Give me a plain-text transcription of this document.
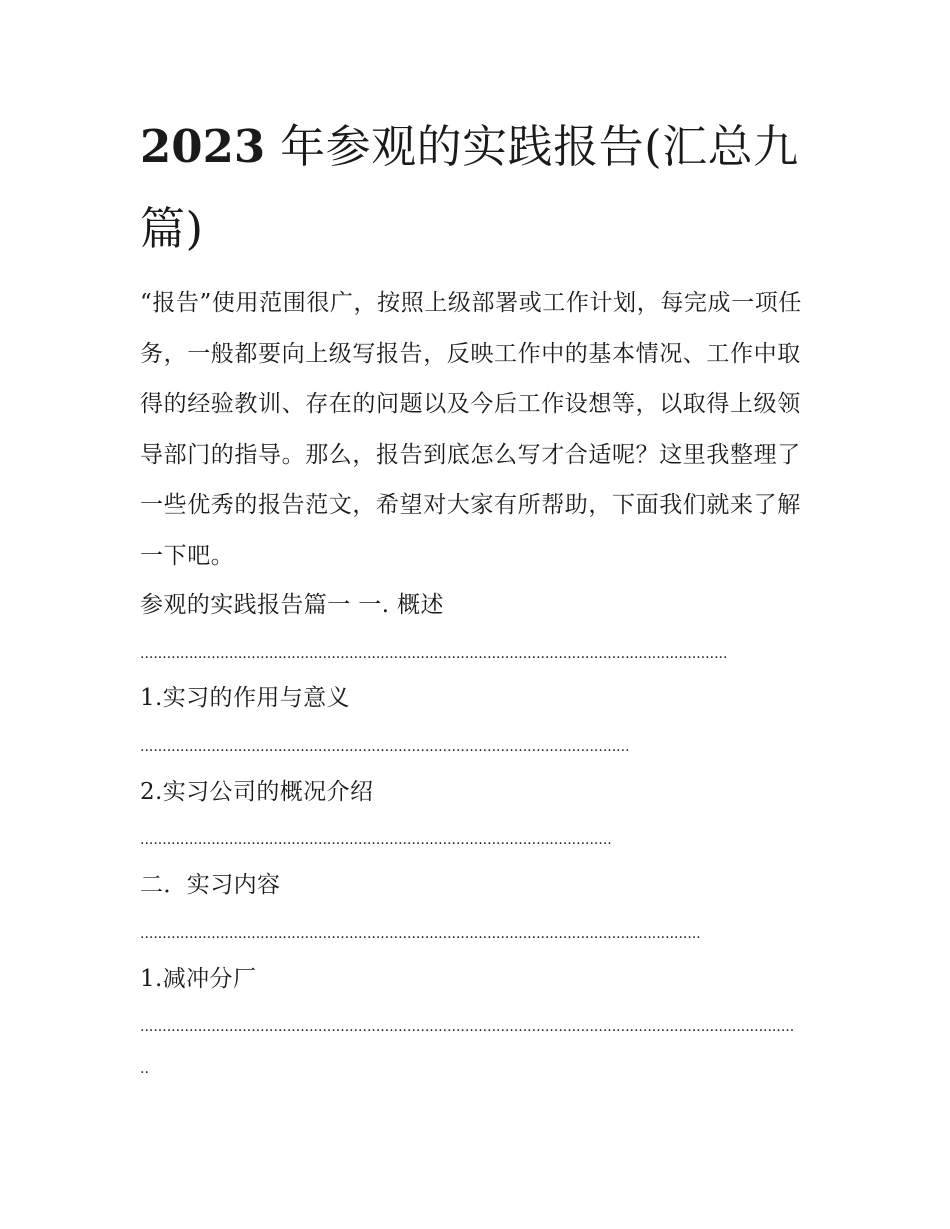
2023 年参观的实践报告(汇总九篇)

“报告”使用范围很广，按照上级部署或工作计划，每完成一项任务，一般都要向上级写报告，反映工作中的基本情况、工作中取得的经验教训、存在的问题以及今后工作设想等，以取得上级领导部门的指导。那么，报告到底怎么写才合适呢？这里我整理了一些优秀的报告范文，希望对大家有所帮助，下面我们就来了解一下吧。

参观的实践报告篇一 一. 概述

....................................................................................................................................

1.实习的作用与意义

..............................................................................................................

2.实习公司的概况介绍

..........................................................................................................

二．实习内容

..............................................................................................................................

1.减冲分厂

...................................................................................................................................................

..
